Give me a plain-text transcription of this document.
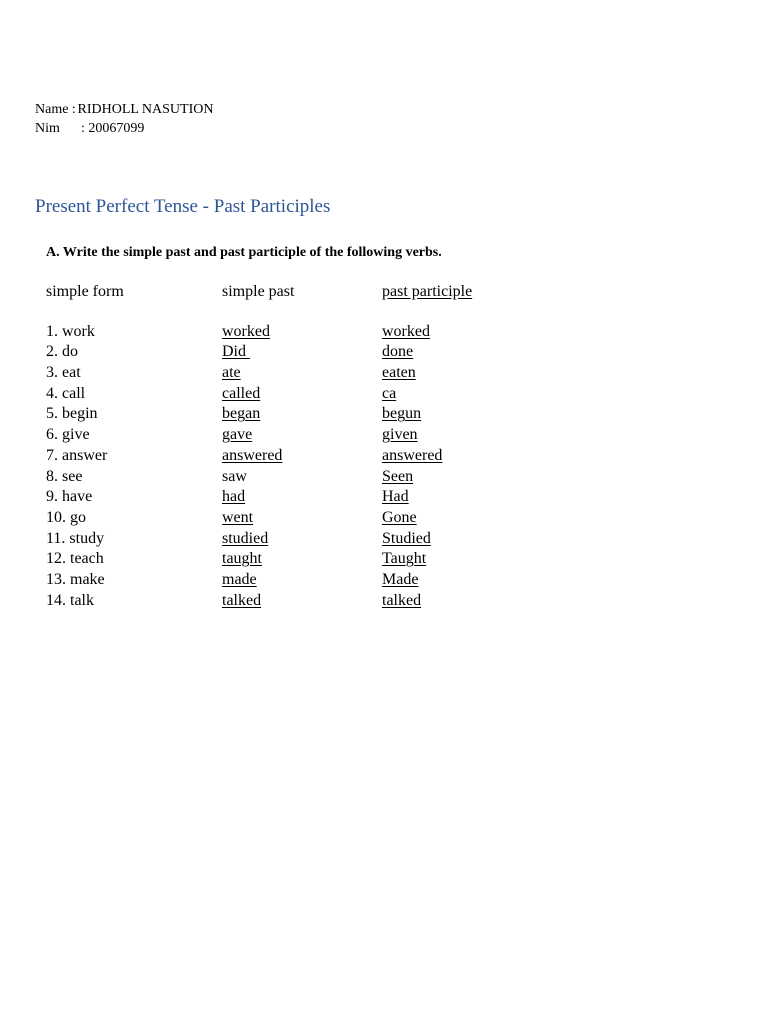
Name :
RIDHOLL NASUTION
Nim	: 20067099
Present Perfect Tense - Past Participles
A. Write the simple past and past participle of the following verbs.
simple form	simple past	past participle
1. work	worked	worked
2. do	Did	done
3. eat	ate	eaten
4. call	called	ca
5. begin	began	begun
6. give	gave	given
7. answer	answered	answered
8. see	saw	Seen
9. have	had	Had
10. go	went	Gone
11. study	studied	Studied
12. teach	taught	Taught
13. make	made	Made
14. talk	talked	talked
